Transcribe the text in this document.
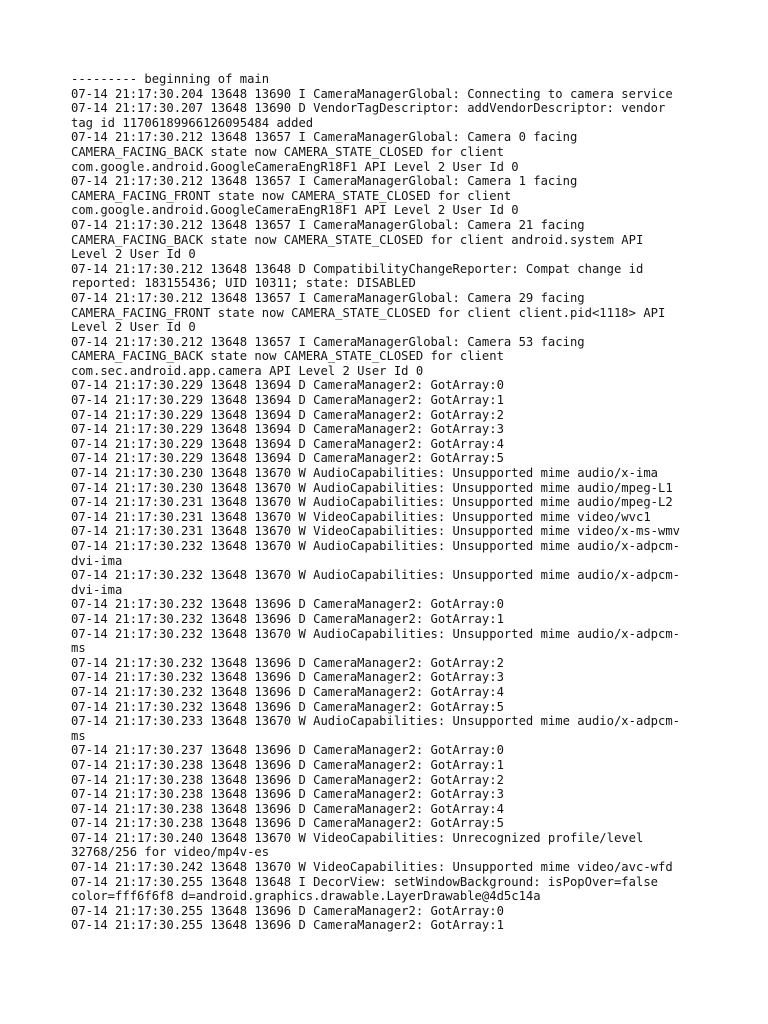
--------- beginning of main
07-14 21:17:30.204 13648 13690 I CameraManagerGlobal: Connecting to camera service
07-14 21:17:30.207 13648 13690 D VendorTagDescriptor: addVendorDescriptor: vendor
tag id 11706189966126095484 added
07-14 21:17:30.212 13648 13657 I CameraManagerGlobal: Camera 0 facing
CAMERA_FACING_BACK state now CAMERA_STATE_CLOSED for client
com.google.android.GoogleCameraEngR18F1 API Level 2 User Id 0
07-14 21:17:30.212 13648 13657 I CameraManagerGlobal: Camera 1 facing
CAMERA_FACING_FRONT state now CAMERA_STATE_CLOSED for client
com.google.android.GoogleCameraEngR18F1 API Level 2 User Id 0
07-14 21:17:30.212 13648 13657 I CameraManagerGlobal: Camera 21 facing
CAMERA_FACING_BACK state now CAMERA_STATE_CLOSED for client android.system API
Level 2 User Id 0
07-14 21:17:30.212 13648 13648 D CompatibilityChangeReporter: Compat change id
reported: 183155436; UID 10311; state: DISABLED
07-14 21:17:30.212 13648 13657 I CameraManagerGlobal: Camera 29 facing
CAMERA_FACING_FRONT state now CAMERA_STATE_CLOSED for client client.pid<1118> API
Level 2 User Id 0
07-14 21:17:30.212 13648 13657 I CameraManagerGlobal: Camera 53 facing
CAMERA_FACING_BACK state now CAMERA_STATE_CLOSED for client
com.sec.android.app.camera API Level 2 User Id 0
07-14 21:17:30.229 13648 13694 D CameraManager2: GotArray:0
07-14 21:17:30.229 13648 13694 D CameraManager2: GotArray:1
07-14 21:17:30.229 13648 13694 D CameraManager2: GotArray:2
07-14 21:17:30.229 13648 13694 D CameraManager2: GotArray:3
07-14 21:17:30.229 13648 13694 D CameraManager2: GotArray:4
07-14 21:17:30.229 13648 13694 D CameraManager2: GotArray:5
07-14 21:17:30.230 13648 13670 W AudioCapabilities: Unsupported mime audio/x-ima
07-14 21:17:30.230 13648 13670 W AudioCapabilities: Unsupported mime audio/mpeg-L1
07-14 21:17:30.231 13648 13670 W AudioCapabilities: Unsupported mime audio/mpeg-L2
07-14 21:17:30.231 13648 13670 W VideoCapabilities: Unsupported mime video/wvc1
07-14 21:17:30.231 13648 13670 W VideoCapabilities: Unsupported mime video/x-ms-wmv
07-14 21:17:30.232 13648 13670 W AudioCapabilities: Unsupported mime audio/x-adpcm-
dvi-ima
07-14 21:17:30.232 13648 13670 W AudioCapabilities: Unsupported mime audio/x-adpcm-
dvi-ima
07-14 21:17:30.232 13648 13696 D CameraManager2: GotArray:0
07-14 21:17:30.232 13648 13696 D CameraManager2: GotArray:1
07-14 21:17:30.232 13648 13670 W AudioCapabilities: Unsupported mime audio/x-adpcm-
ms
07-14 21:17:30.232 13648 13696 D CameraManager2: GotArray:2
07-14 21:17:30.232 13648 13696 D CameraManager2: GotArray:3
07-14 21:17:30.232 13648 13696 D CameraManager2: GotArray:4
07-14 21:17:30.232 13648 13696 D CameraManager2: GotArray:5
07-14 21:17:30.233 13648 13670 W AudioCapabilities: Unsupported mime audio/x-adpcm-
ms
07-14 21:17:30.237 13648 13696 D CameraManager2: GotArray:0
07-14 21:17:30.238 13648 13696 D CameraManager2: GotArray:1
07-14 21:17:30.238 13648 13696 D CameraManager2: GotArray:2
07-14 21:17:30.238 13648 13696 D CameraManager2: GotArray:3
07-14 21:17:30.238 13648 13696 D CameraManager2: GotArray:4
07-14 21:17:30.238 13648 13696 D CameraManager2: GotArray:5
07-14 21:17:30.240 13648 13670 W VideoCapabilities: Unrecognized profile/level
32768/256 for video/mp4v-es
07-14 21:17:30.242 13648 13670 W VideoCapabilities: Unsupported mime video/avc-wfd
07-14 21:17:30.255 13648 13648 I DecorView: setWindowBackground: isPopOver=false
color=fff6f6f8 d=android.graphics.drawable.LayerDrawable@4d5c14a
07-14 21:17:30.255 13648 13696 D CameraManager2: GotArray:0
07-14 21:17:30.255 13648 13696 D CameraManager2: GotArray:1
